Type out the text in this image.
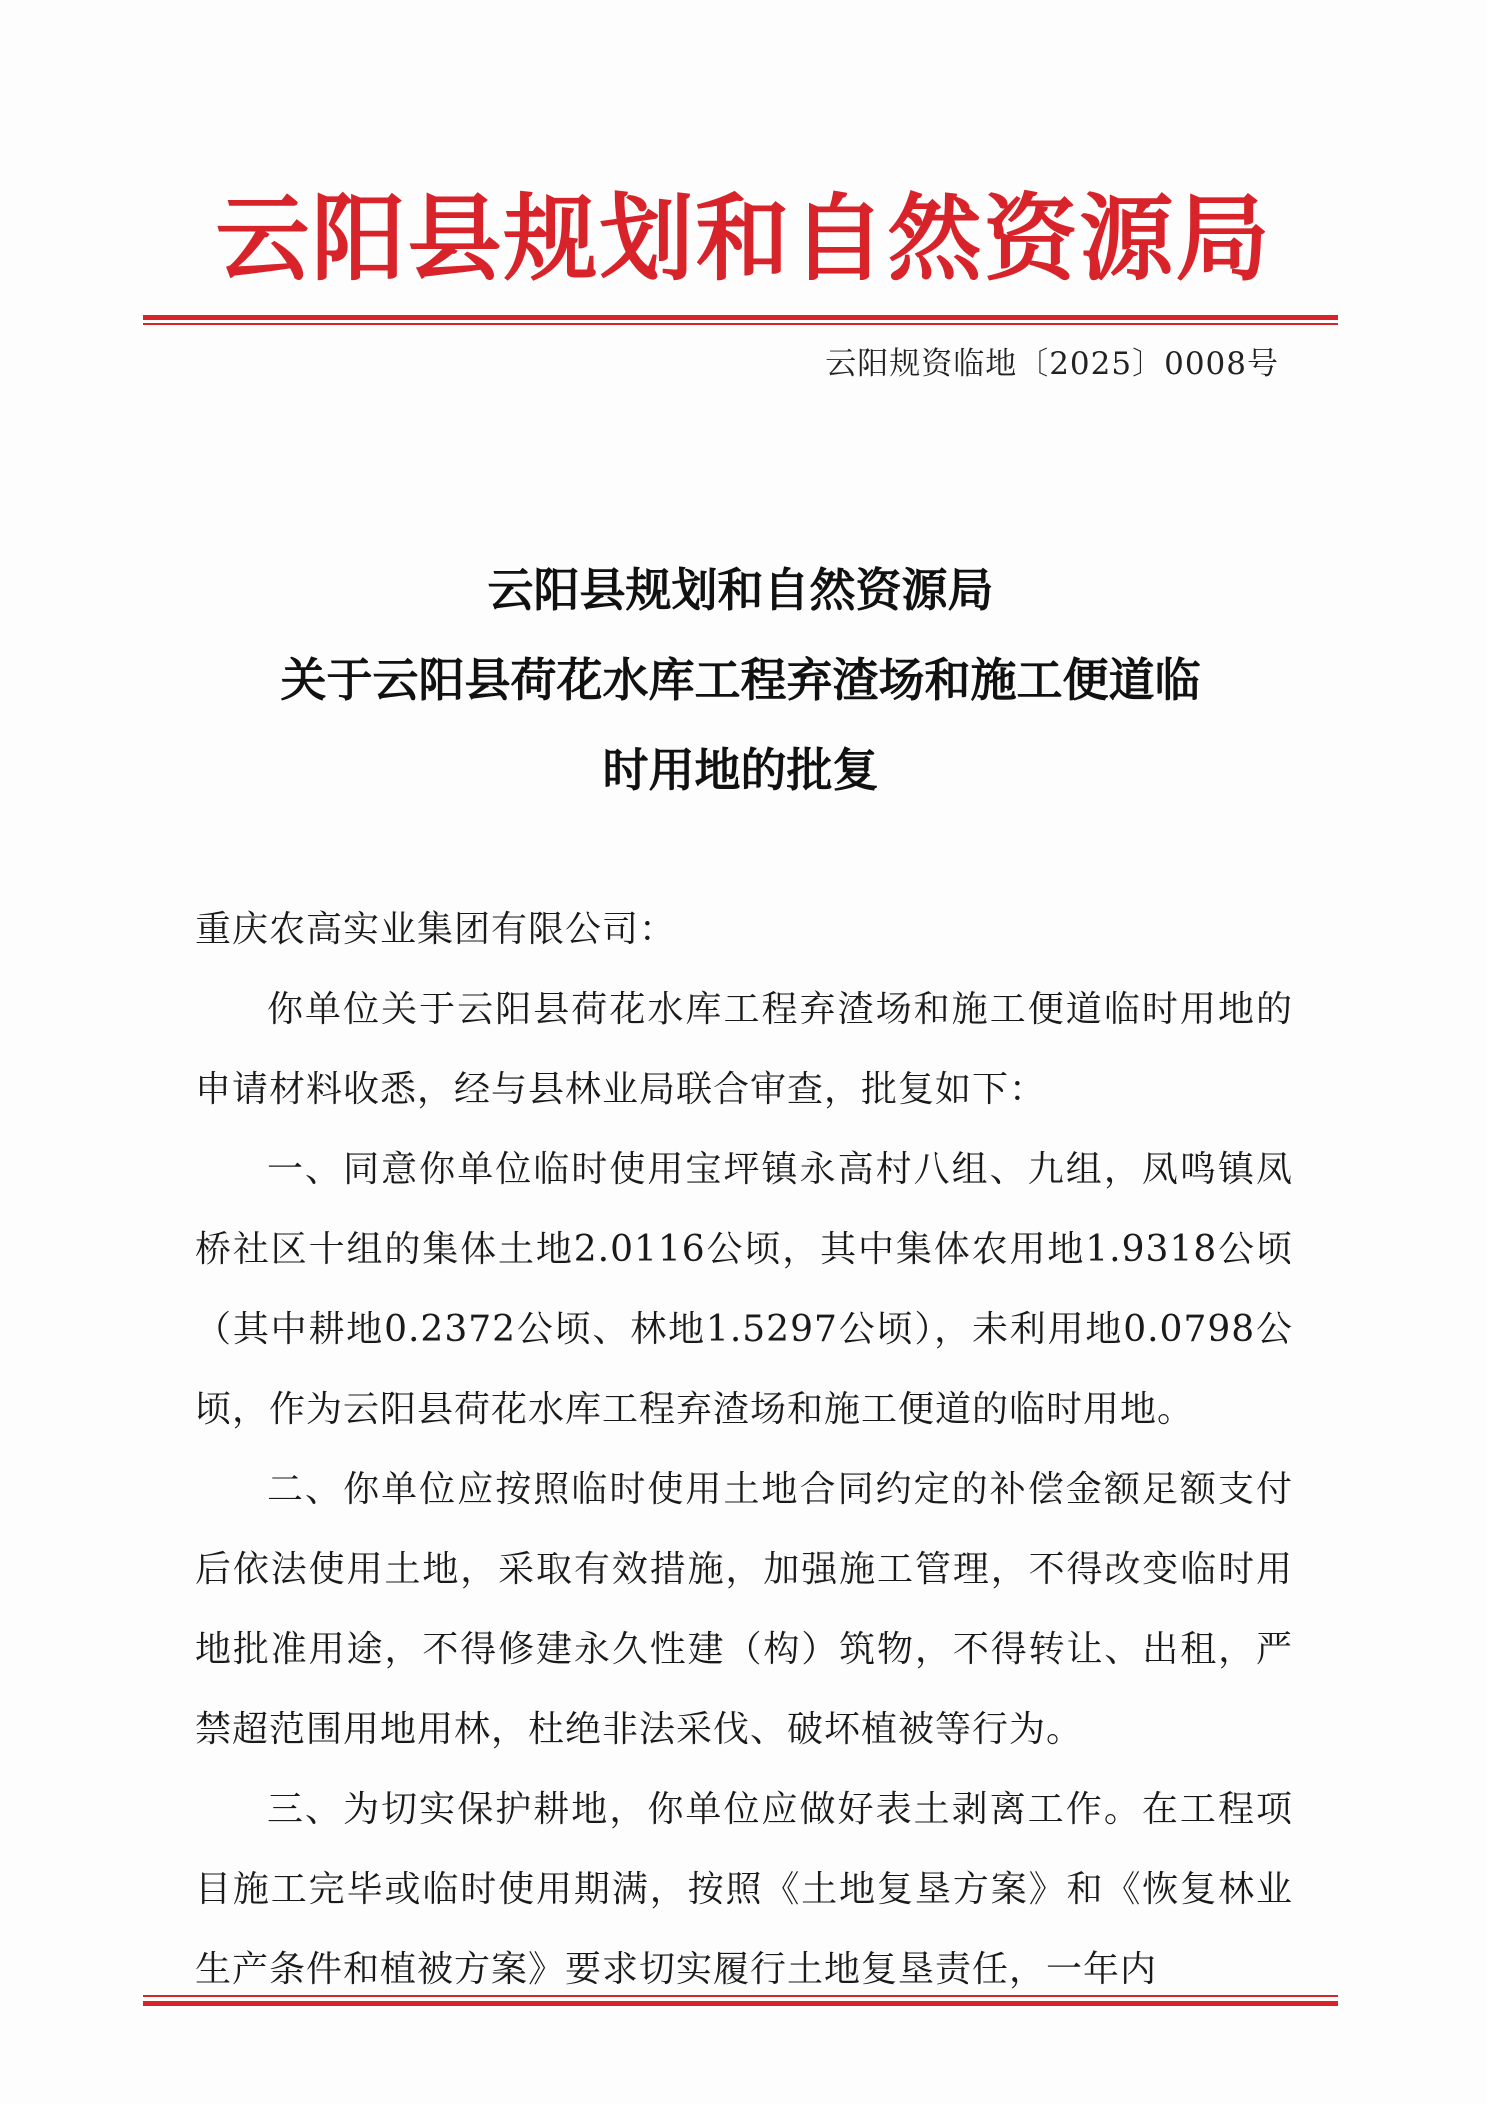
云阳县规划和自然资源局
云阳规资临地〔2025〕0008号
云阳县规划和自然资源局
关于云阳县荷花水库工程弃渣场和施工便道临
时用地的批复

重庆农高实业集团有限公司：

你单位关于云阳县荷花水库工程弃渣场和施工便道临时用地的申请材料收悉，经与县林业局联合审查，批复如下：

一、同意你单位临时使用宝坪镇永高村八组、九组，凤鸣镇凤桥社区十组的集体土地2.0116公顷，其中集体农用地1.9318公顷（其中耕地0.2372公顷、林地1.5297公顷），未利用地0.0798公顷，作为云阳县荷花水库工程弃渣场和施工便道的临时用地。

二、你单位应按照临时使用土地合同约定的补偿金额足额支付后依法使用土地，采取有效措施，加强施工管理，不得改变临时用地批准用途，不得修建永久性建（构）筑物，不得转让、出租，严禁超范围用地用林，杜绝非法采伐、破坏植被等行为。

三、为切实保护耕地，你单位应做好表土剥离工作。在工程项目施工完毕或临时使用期满，按照《土地复垦方案》和《恢复林业生产条件和植被方案》要求切实履行土地复垦责任，一年内
